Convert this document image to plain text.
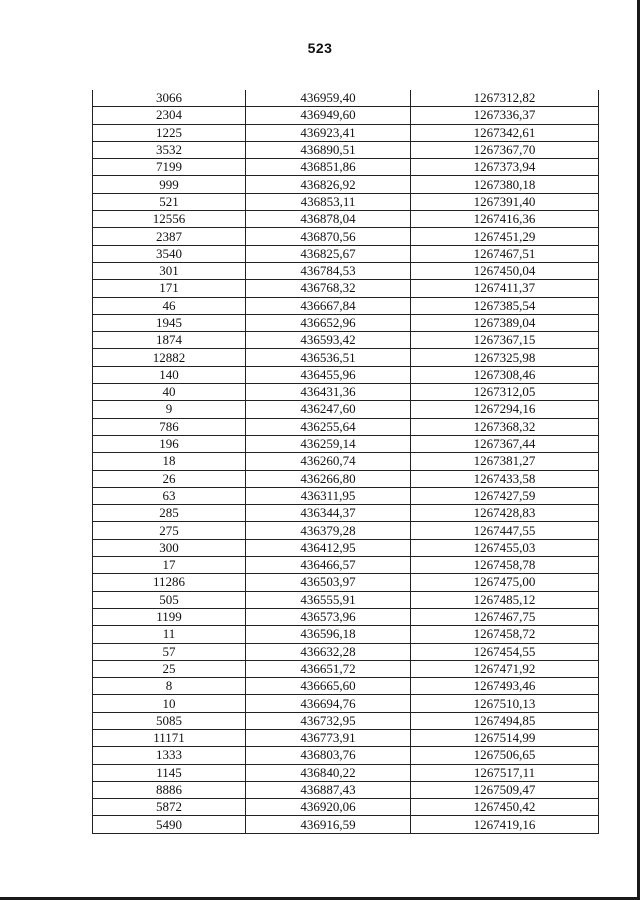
523
3066	436959,40	1267312,82
2304	436949,60	1267336,37
1225	436923,41	1267342,61
3532	436890,51	1267367,70
7199	436851,86	1267373,94
999	436826,92	1267380,18
521	436853,11	1267391,40
12556	436878,04	1267416,36
2387	436870,56	1267451,29
3540	436825,67	1267467,51
301	436784,53	1267450,04
171	436768,32	1267411,37
46	436667,84	1267385,54
1945	436652,96	1267389,04
1874	436593,42	1267367,15
12882	436536,51	1267325,98
140	436455,96	1267308,46
40	436431,36	1267312,05
9	436247,60	1267294,16
786	436255,64	1267368,32
196	436259,14	1267367,44
18	436260,74	1267381,27
26	436266,80	1267433,58
63	436311,95	1267427,59
285	436344,37	1267428,83
275	436379,28	1267447,55
300	436412,95	1267455,03
17	436466,57	1267458,78
11286	436503,97	1267475,00
505	436555,91	1267485,12
1199	436573,96	1267467,75
11	436596,18	1267458,72
57	436632,28	1267454,55
25	436651,72	1267471,92
8	436665,60	1267493,46
10	436694,76	1267510,13
5085	436732,95	1267494,85
11171	436773,91	1267514,99
1333	436803,76	1267506,65
1145	436840,22	1267517,11
8886	436887,43	1267509,47
5872	436920,06	1267450,42
5490	436916,59	1267419,16
